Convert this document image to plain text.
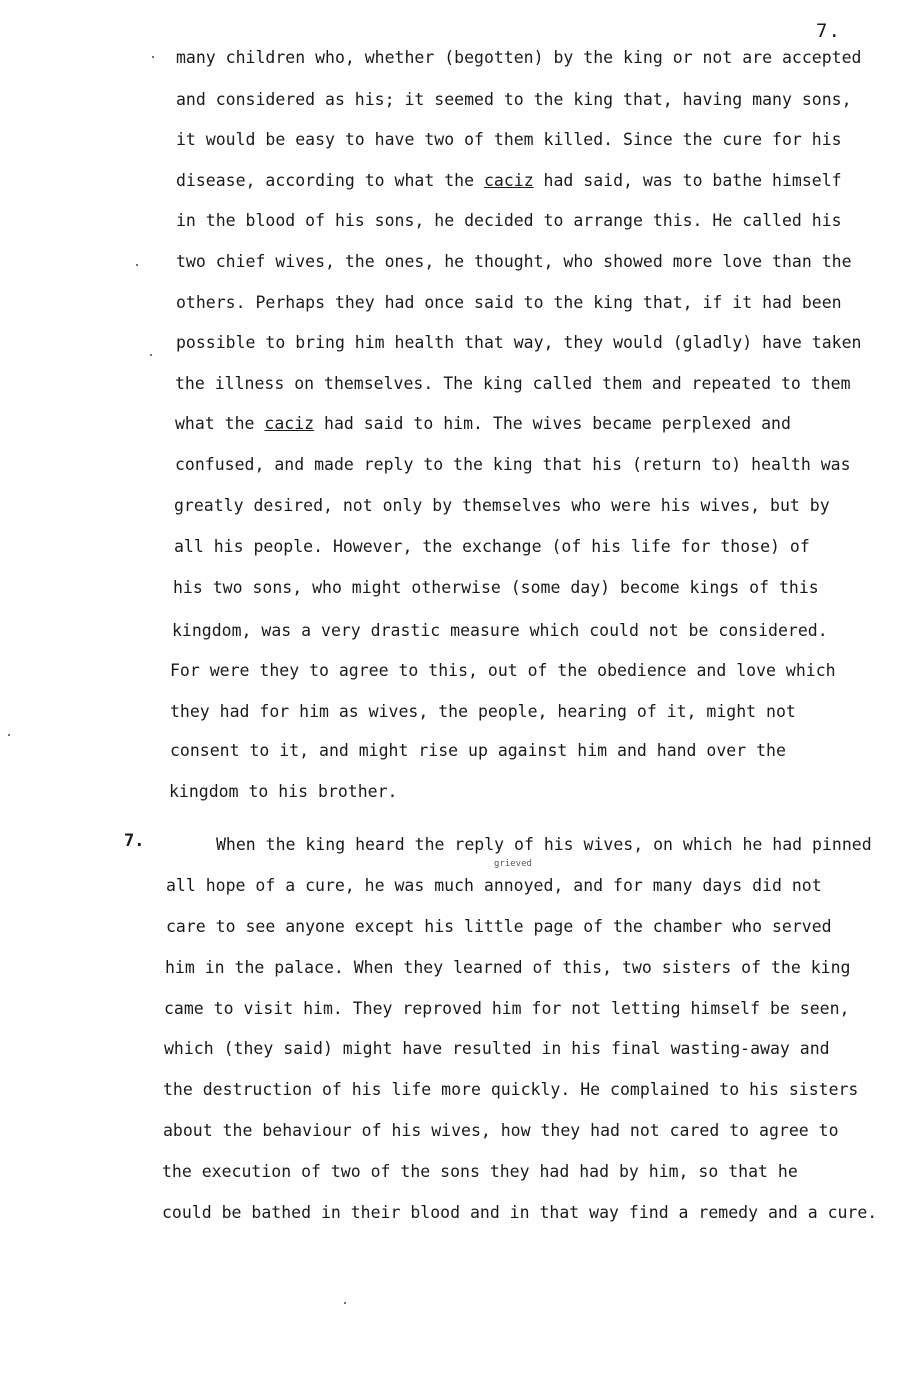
7.
many children who, whether (begotten) by the king or not are accepted
and considered as his; it seemed to the king that, having many sons,
it would be easy to have two of them killed. Since the cure for his
disease, according to what the caciz had said, was to bathe himself
in the blood of his sons, he decided to arrange this. He called his
two chief wives, the ones, he thought, who showed more love than the
others. Perhaps they had once said to the king that, if it had been
possible to bring him health that way, they would (gladly) have taken
the illness on themselves. The king called them and repeated to them
what the caciz had said to him. The wives became perplexed and
confused, and made reply to the king that his (return to) health was
greatly desired, not only by themselves who were his wives, but by
all his people. However, the exchange (of his life for those) of
his two sons, who might otherwise (some day) become kings of this
kingdom, was a very drastic measure which could not be considered.
For were they to agree to this, out of the obedience and love which
they had for him as wives, the people, hearing of it, might not
consent to it, and might rise up against him and hand over the
kingdom to his brother.
7.
grieved
When the king heard the reply of his wives, on which he had pinned
all hope of a cure, he was much annoyed, and for many days did not
care to see anyone except his little page of the chamber who served
him in the palace. When they learned of this, two sisters of the king
came to visit him. They reproved him for not letting himself be seen,
which (they said) might have resulted in his final wasting-away and
the destruction of his life more quickly. He complained to his sisters
about the behaviour of his wives, how they had not cared to agree to
the execution of two of the sons they had had by him, so that he
could be bathed in their blood and in that way find a remedy and a cure.
